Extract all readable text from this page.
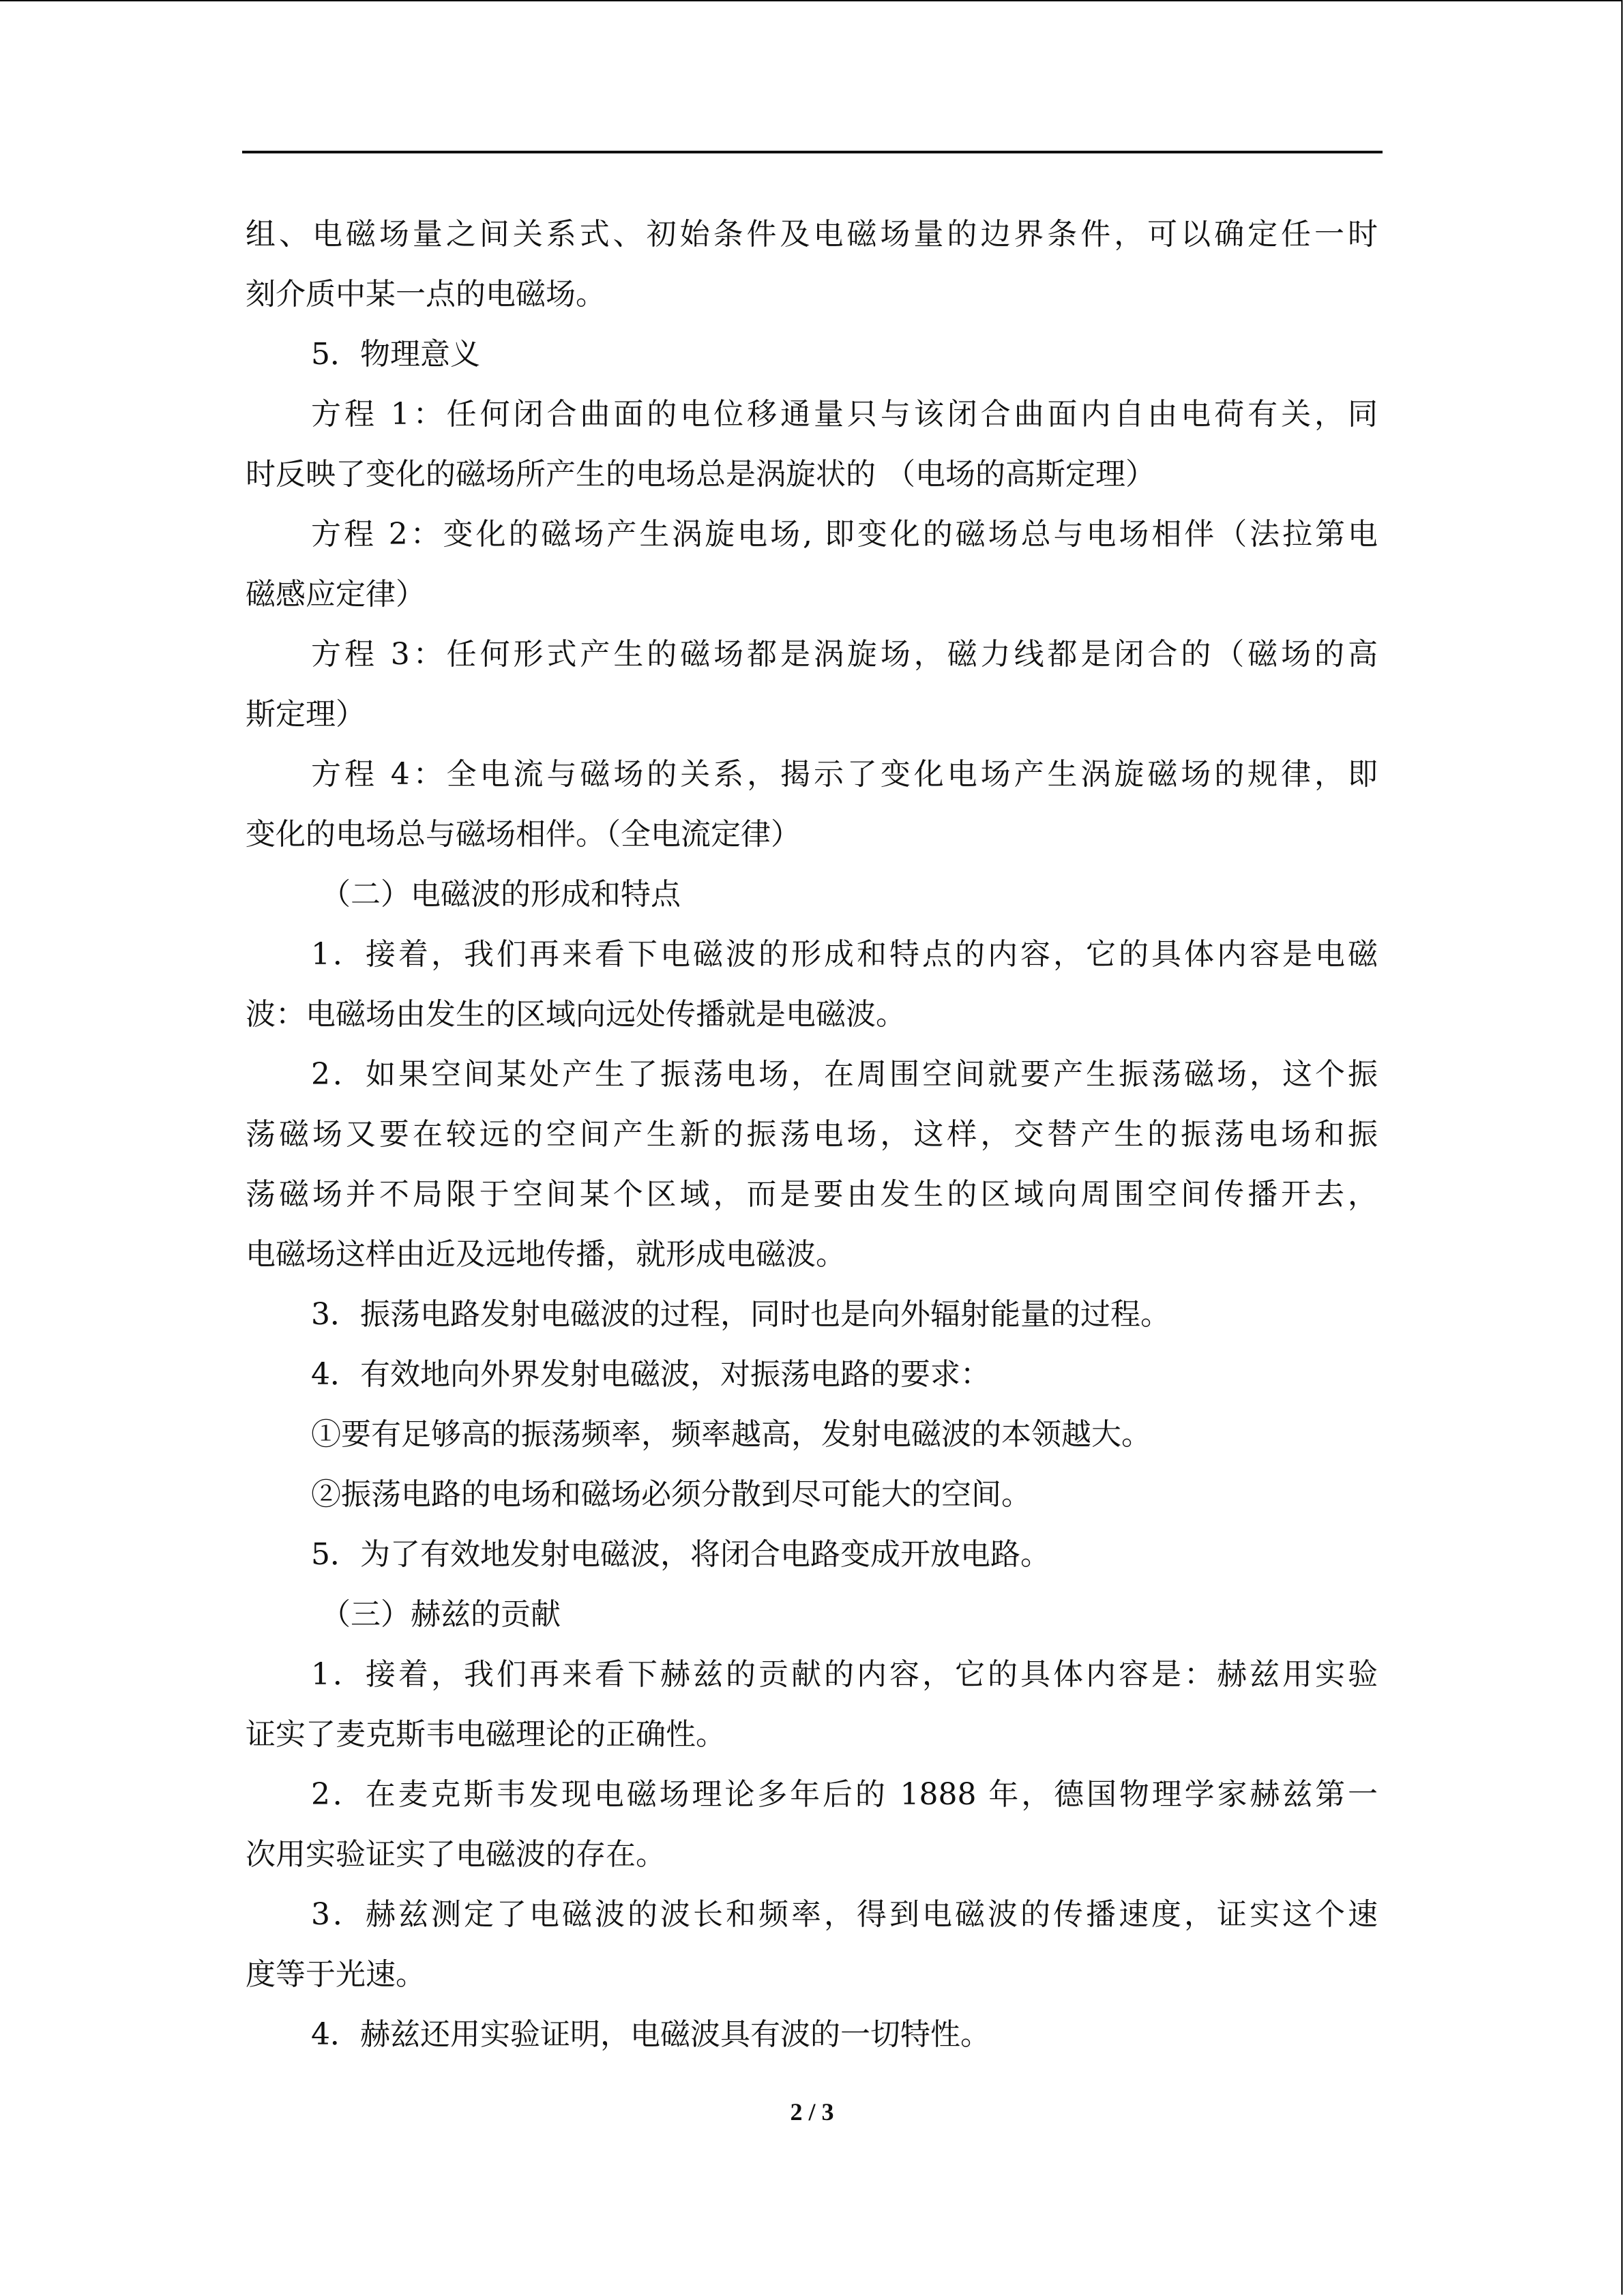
组、电磁场量之间关系式、初始条件及电磁场量的边界条件，可以确定任一时
刻介质中某一点的电磁场。
5．物理意义
方程 1：任何闭合曲面的电位移通量只与该闭合曲面内自由电荷有关，同
时反映了变化的磁场所产生的电场总是涡旋状的 （电场的高斯定理）
方程 2：变化的磁场产生涡旋电场, 即变化的磁场总与电场相伴（法拉第电
磁感应定律）
方程 3：任何形式产生的磁场都是涡旋场，磁力线都是闭合的（磁场的高
斯定理）
方程 4：全电流与磁场的关系，揭示了变化电场产生涡旋磁场的规律，即
变化的电场总与磁场相伴。（全电流定律）
（二）电磁波的形成和特点
1．接着，我们再来看下电磁波的形成和特点的内容，它的具体内容是电磁
波：电磁场由发生的区域向远处传播就是电磁波。
2．如果空间某处产生了振荡电场，在周围空间就要产生振荡磁场，这个振
荡磁场又要在较远的空间产生新的振荡电场，这样，交替产生的振荡电场和振
荡磁场并不局限于空间某个区域，而是要由发生的区域向周围空间传播开去，
电磁场这样由近及远地传播，就形成电磁波。
3．振荡电路发射电磁波的过程，同时也是向外辐射能量的过程。
4．有效地向外界发射电磁波，对振荡电路的要求：
①要有足够高的振荡频率，频率越高，发射电磁波的本领越大。
②振荡电路的电场和磁场必须分散到尽可能大的空间。
5．为了有效地发射电磁波，将闭合电路变成开放电路。
（三）赫兹的贡献
1．接着，我们再来看下赫兹的贡献的内容，它的具体内容是：赫兹用实验
证实了麦克斯韦电磁理论的正确性。
2．在麦克斯韦发现电磁场理论多年后的 1888 年，德国物理学家赫兹第一
次用实验证实了电磁波的存在。
3．赫兹测定了电磁波的波长和频率，得到电磁波的传播速度，证实这个速
度等于光速。
4．赫兹还用实验证明，电磁波具有波的一切特性。
2 / 3
